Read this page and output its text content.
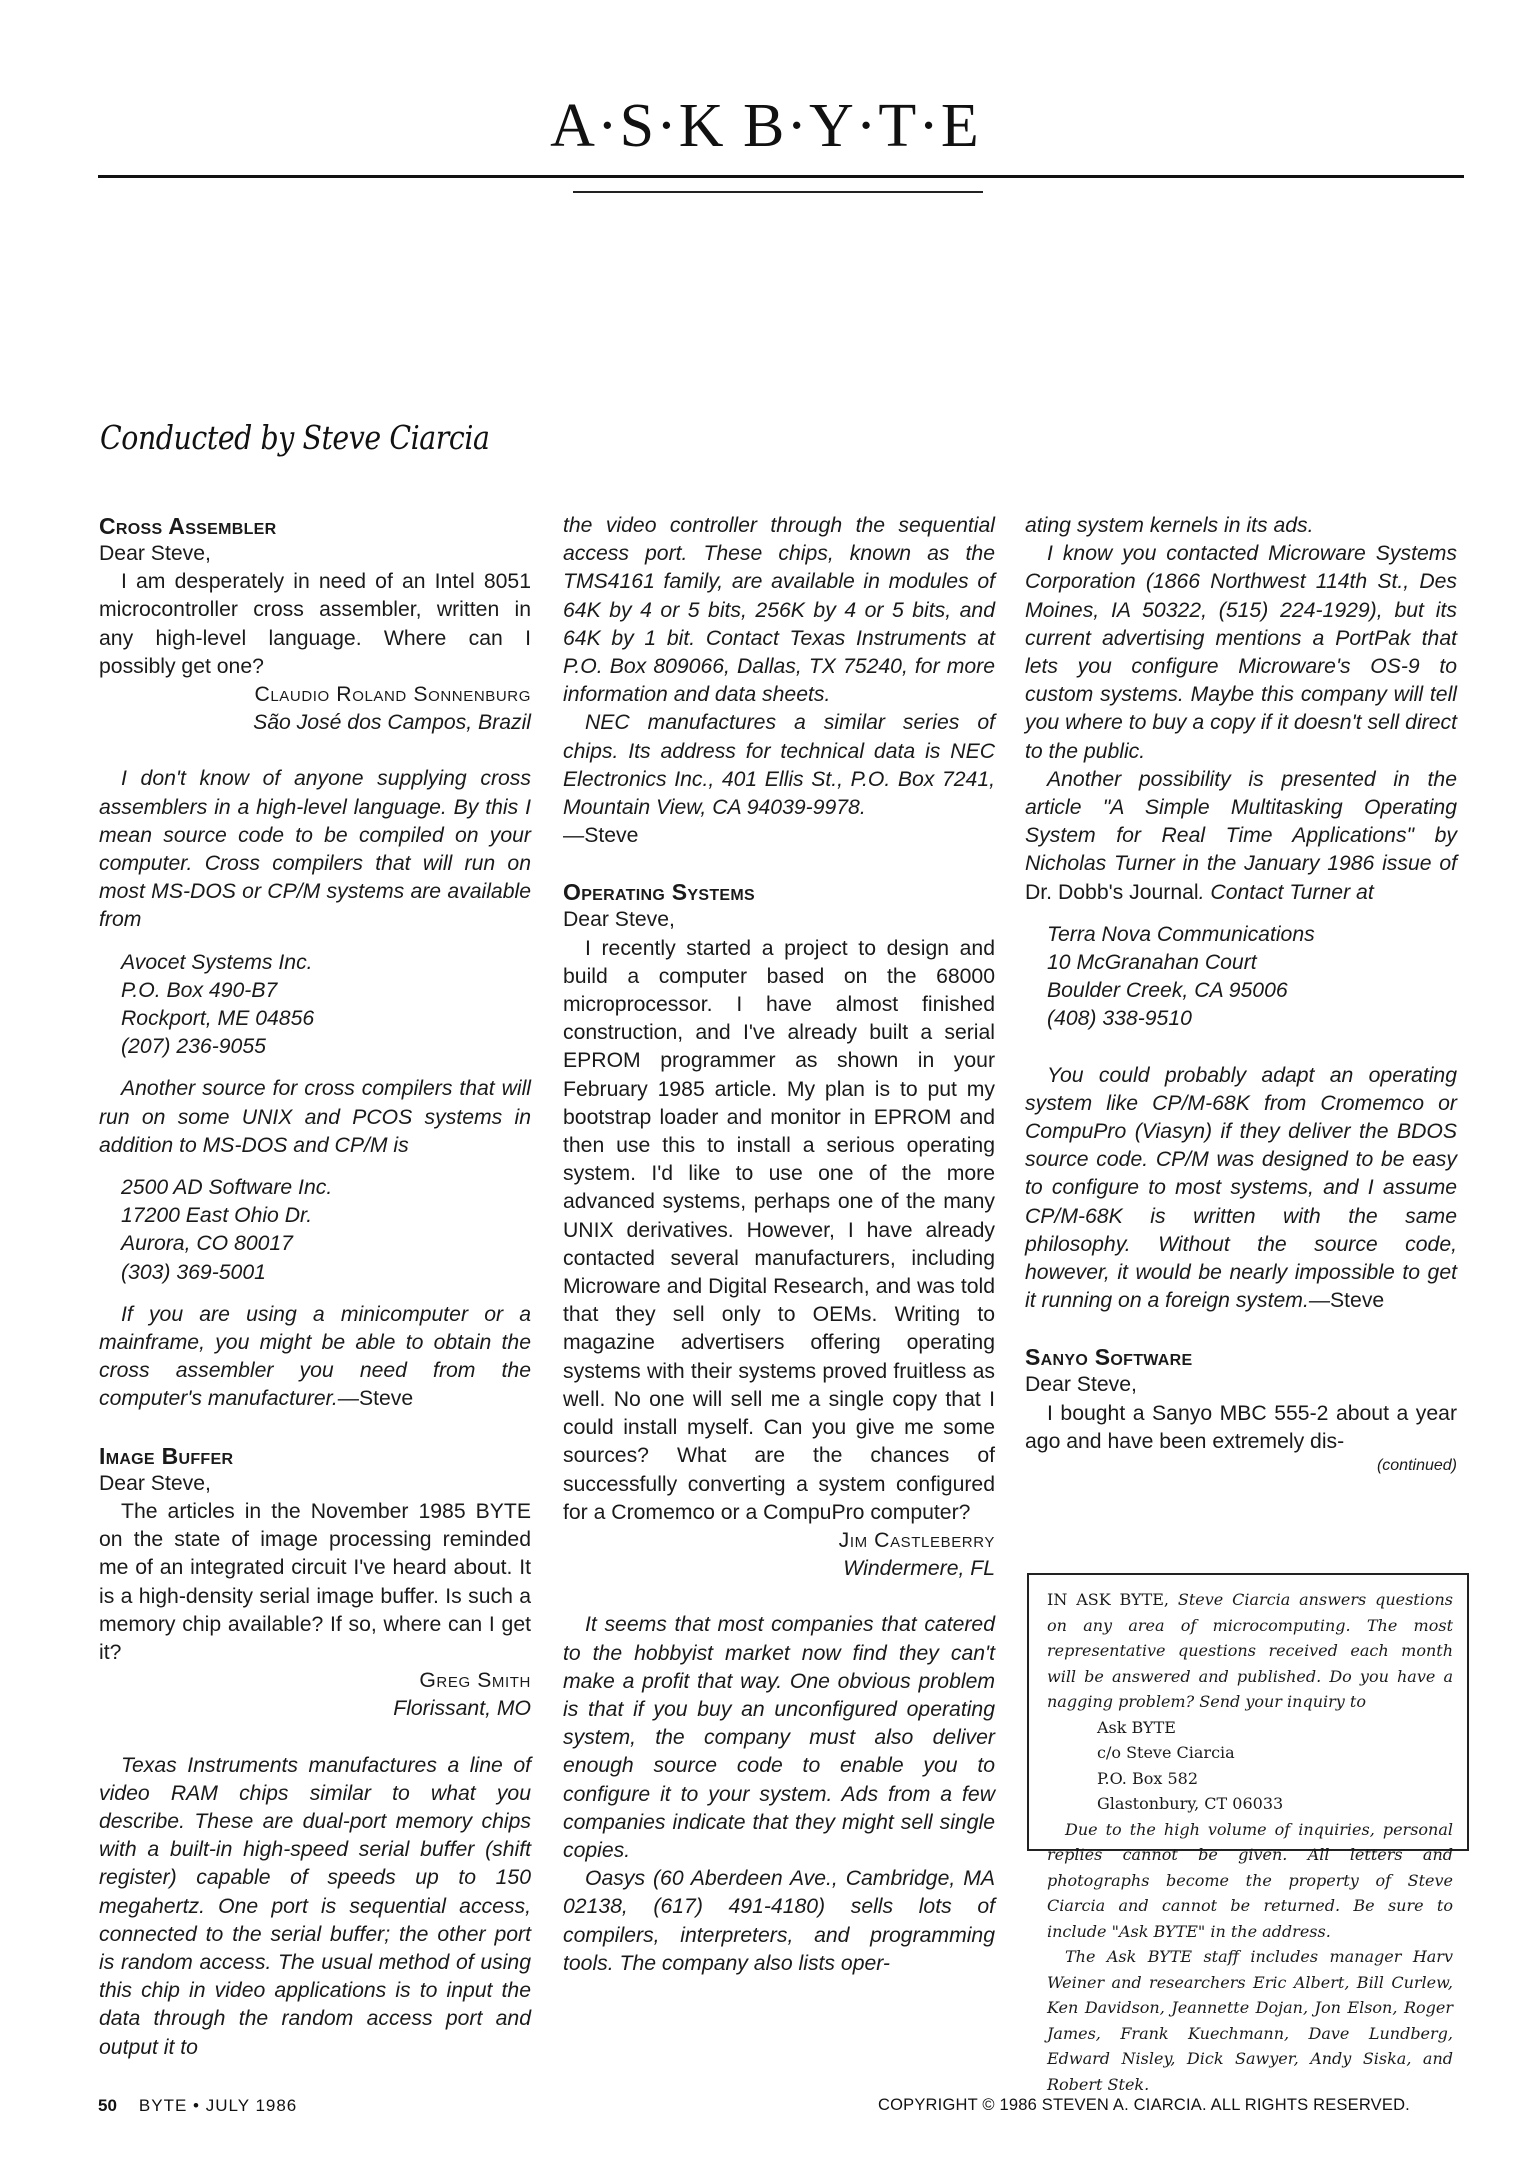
A·S·K B·Y·T·E
Conducted by Steve Ciarcia
Cross Assembler

Dear Steve,

I am desperately in need of an Intel 8051 microcontroller cross assembler, written in any high-level language. Where can I possibly get one?

Claudio Roland Sonnenburg

São José dos Campos, Brazil

I don't know of anyone supplying cross assemblers in a high-level language. By this I mean source code to be compiled on your computer. Cross compilers that will run on most MS-DOS or CP/M systems are available from

Avocet Systems Inc.

P.O. Box 490-B7

Rockport, ME 04856

(207) 236-9055

Another source for cross compilers that will run on some UNIX and PCOS systems in addition to MS-DOS and CP/M is

2500 AD Software Inc.

17200 East Ohio Dr.

Aurora, CO 80017

(303) 369-5001

If you are using a minicomputer or a mainframe, you might be able to obtain the cross assembler you need from the computer's manufacturer.—Steve

Image Buffer

Dear Steve,

The articles in the November 1985 BYTE on the state of image processing reminded me of an integrated circuit I've heard about. It is a high-density serial image buffer. Is such a memory chip available? If so, where can I get it?

Greg Smith

Florissant, MO

Texas Instruments manufactures a line of video RAM chips similar to what you describe. These are dual-port memory chips with a built-in high-speed serial buffer (shift register) capable of speeds up to 150 megahertz. One port is sequential access, connected to the serial buffer; the other port is random access. The usual method of using this chip in video applications is to input the data through the random access port and output it to

the video controller through the sequential access port. These chips, known as the TMS4161 family, are available in modules of 64K by 4 or 5 bits, 256K by 4 or 5 bits, and 64K by 1 bit. Contact Texas Instruments at P.O. Box 809066, Dallas, TX 75240, for more information and data sheets.

NEC manufactures a similar series of chips. Its address for technical data is NEC Electronics Inc., 401 Ellis St., P.O. Box 7241, Mountain View, CA 94039-9978.
—Steve

Operating Systems

Dear Steve,

I recently started a project to design and build a computer based on the 68000 microprocessor. I have almost finished construction, and I've already built a serial EPROM programmer as shown in your February 1985 article. My plan is to put my bootstrap loader and monitor in EPROM and then use this to install a serious operating system. I'd like to use one of the more advanced systems, perhaps one of the many UNIX derivatives. However, I have already contacted several manufacturers, including Microware and Digital Research, and was told that they sell only to OEMs. Writing to magazine advertisers offering operating systems with their systems proved fruitless as well. No one will sell me a single copy that I could install myself. Can you give me some sources? What are the chances of successfully converting a system configured for a Cromemco or a CompuPro computer?

Jim Castleberry

Windermere, FL

It seems that most companies that catered to the hobbyist market now find they can't make a profit that way. One obvious problem is that if you buy an unconfigured operating system, the company must also deliver enough source code to enable you to configure it to your system. Ads from a few companies indicate that they might sell single copies.

Oasys (60 Aberdeen Ave., Cambridge, MA 02138, (617) 491-4180) sells lots of compilers, interpreters, and programming tools. The company also lists oper-

ating system kernels in its ads.

I know you contacted Microware Systems Corporation (1866 Northwest 114th St., Des Moines, IA 50322, (515) 224-1929), but its current advertising mentions a PortPak that lets you configure Microware's OS-9 to custom systems. Maybe this company will tell you where to buy a copy if it doesn't sell direct to the public.

Another possibility is presented in the article "A Simple Multitasking Operating System for Real Time Applications" by Nicholas Turner in the January 1986 issue of Dr. Dobb's Journal. Contact Turner at

Terra Nova Communications

10 McGranahan Court

Boulder Creek, CA 95006

(408) 338-9510

You could probably adapt an operating system like CP/M-68K from Cromemco or CompuPro (Viasyn) if they deliver the BDOS source code. CP/M was designed to be easy to configure to most systems, and I assume CP/M-68K is written with the same philosophy. Without the source code, however, it would be nearly impossible to get it running on a foreign system.—Steve

Sanyo Software

Dear Steve,

I bought a Sanyo MBC 555-2 about a year ago and have been extremely dis-

(continued)

IN ASK BYTE, Steve Ciarcia answers questions on any area of microcomputing. The most representative questions received each month will be answered and published. Do you have a nagging problem? Send your inquiry to

Ask BYTE

c/o Steve Ciarcia

P.O. Box 582

Glastonbury, CT 06033

Due to the high volume of inquiries, personal replies cannot be given. All letters and photographs become the property of Steve Ciarcia and cannot be returned. Be sure to include "Ask BYTE" in the address.

The Ask BYTE staff includes manager Harv Weiner and researchers Eric Albert, Bill Curlew, Ken Davidson, Jeannette Dojan, Jon Elson, Roger James, Frank Kuechmann, Dave Lundberg, Edward Nisley, Dick Sawyer, Andy Siska, and Robert Stek.

50 BYTE • JULY 1986	COPYRIGHT © 1986 STEVEN A. CIARCIA. ALL RIGHTS RESERVED.
